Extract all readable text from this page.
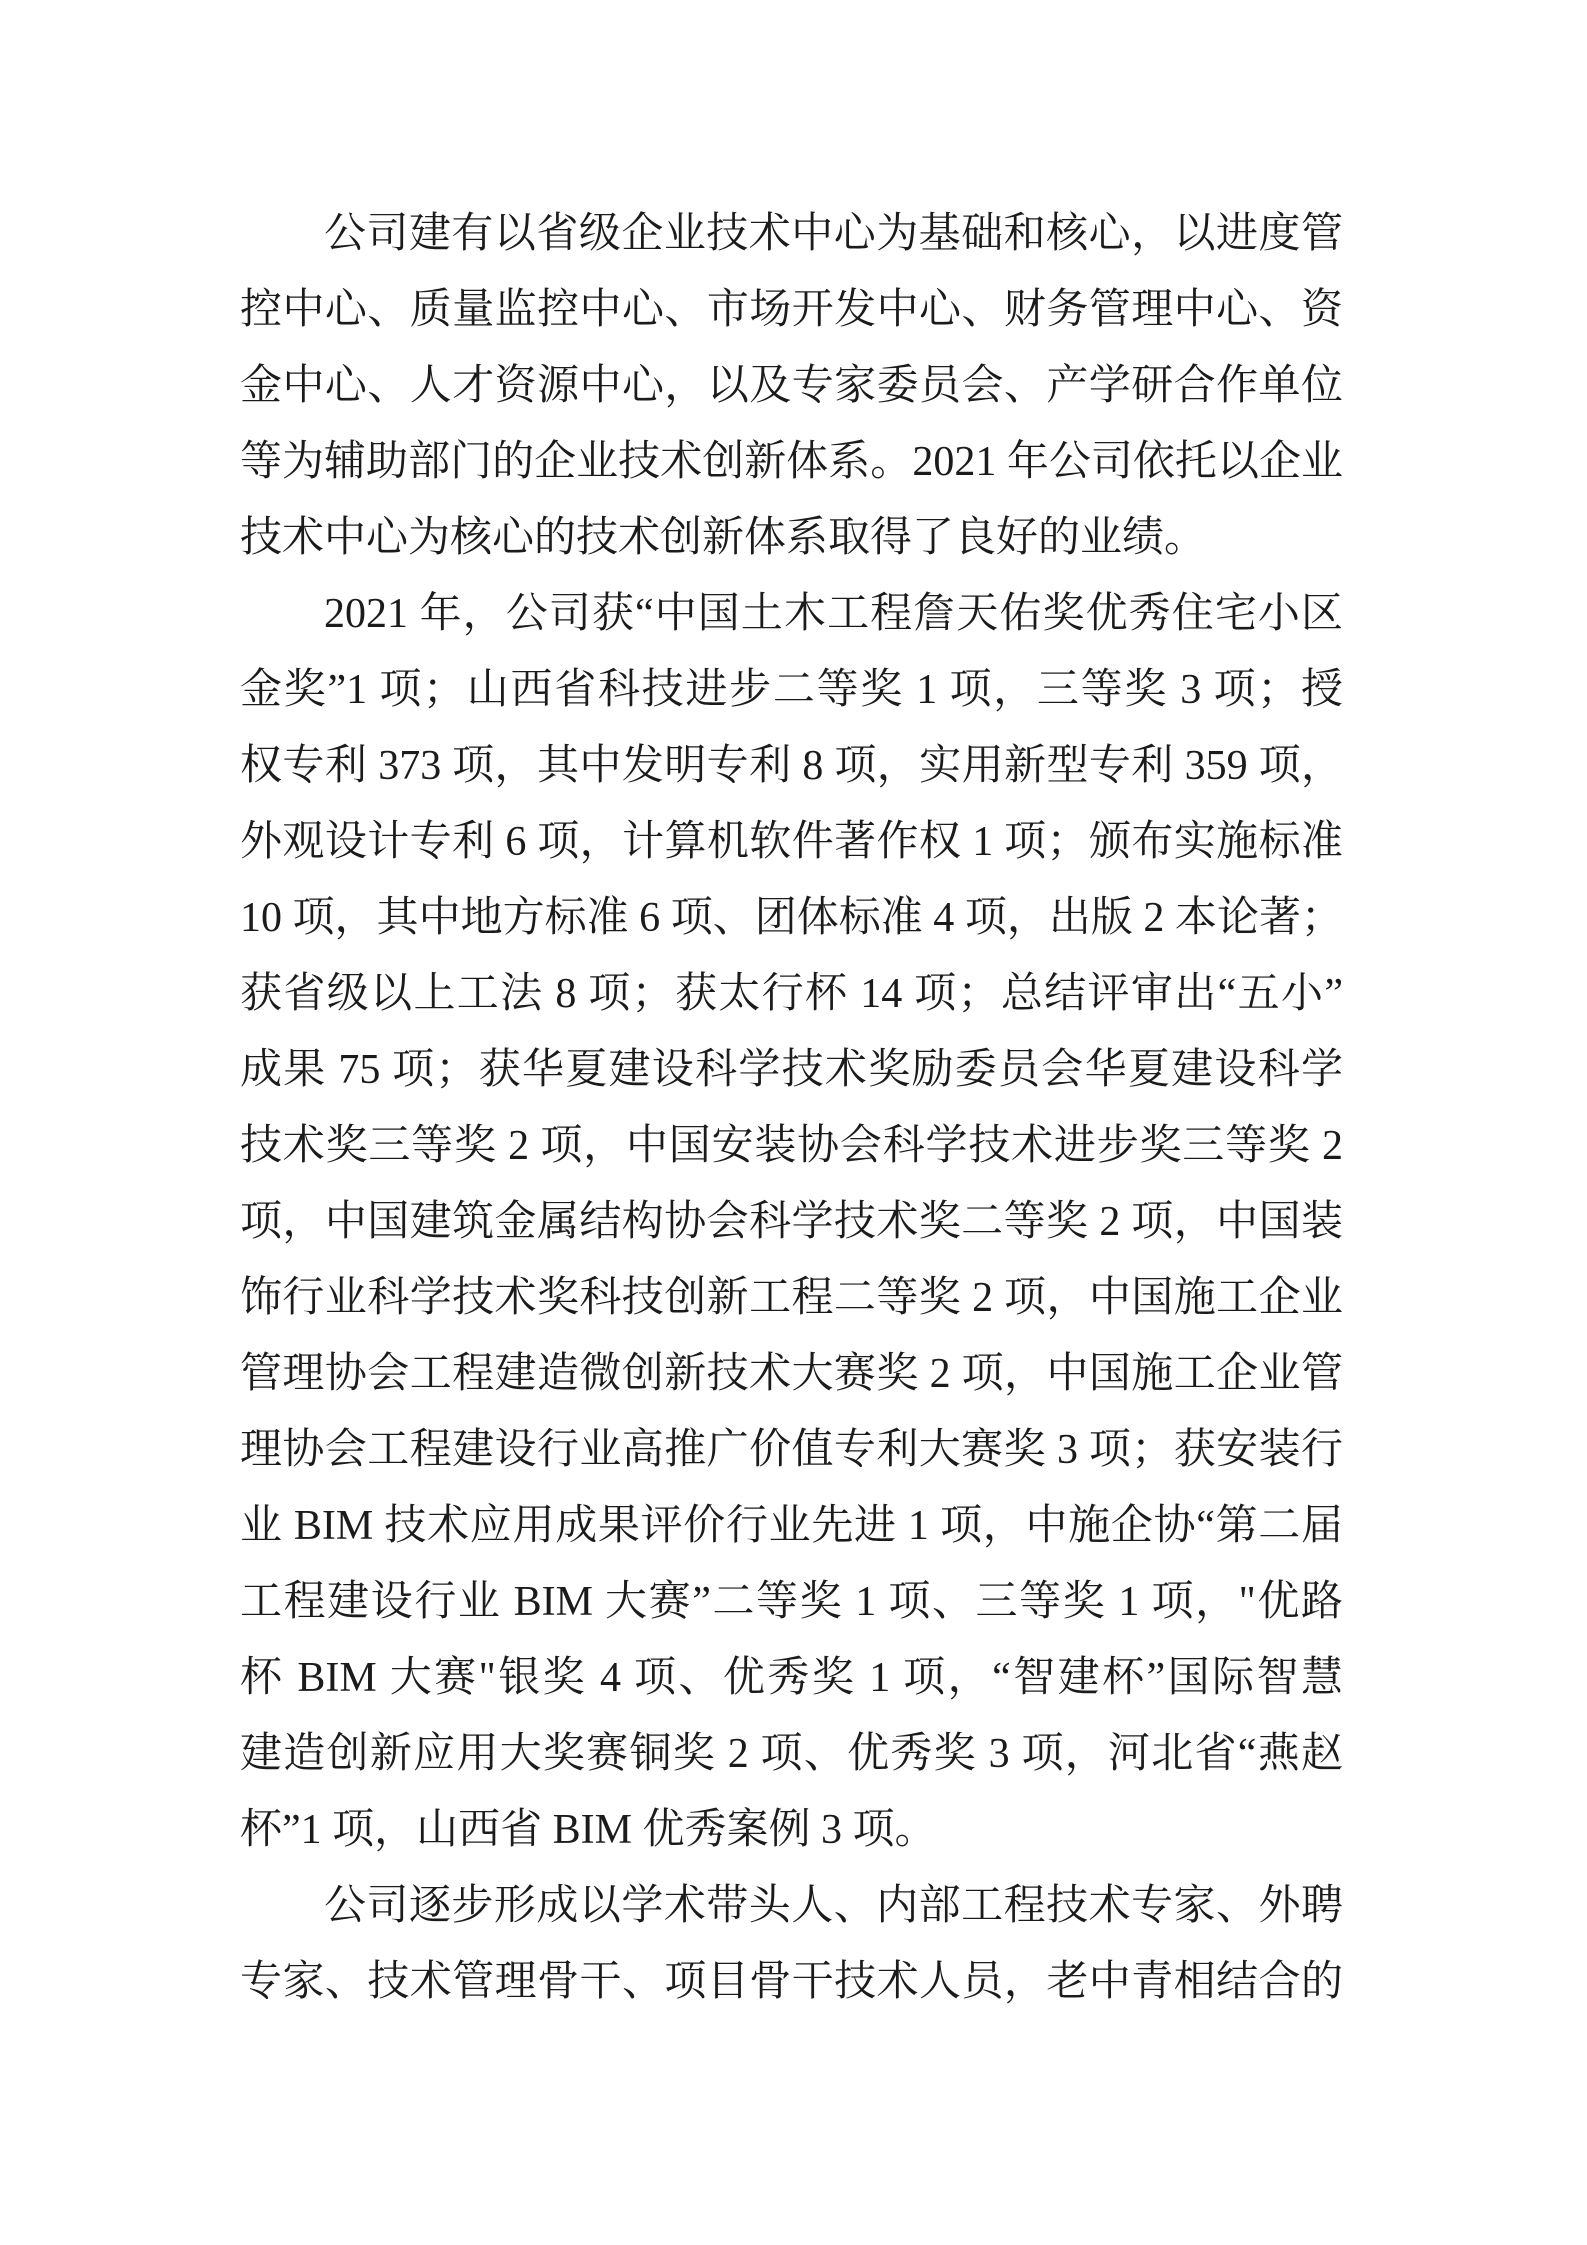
公司建有以省级企业技术中心为基础和核心，以进度管
控中心、质量监控中心、市场开发中心、财务管理中心、资
金中心、人才资源中心，以及专家委员会、产学研合作单位
等为辅助部门的企业技术创新体系。2021 年公司依托以企业
技术中心为核心的技术创新体系取得了良好的业绩。
2021 年，公司获“中国土木工程詹天佑奖优秀住宅小区
金奖”1 项；山西省科技进步二等奖 1 项，三等奖 3 项；授
权专利 373 项，其中发明专利 8 项，实用新型专利 359 项，
外观设计专利 6 项，计算机软件著作权 1 项；颁布实施标准
10 项，其中地方标准 6 项、团体标准 4 项，出版 2 本论著；
获省级以上工法 8 项；获太行杯 14 项；总结评审出“五小”
成果 75 项；获华夏建设科学技术奖励委员会华夏建设科学
技术奖三等奖 2 项，中国安装协会科学技术进步奖三等奖 2
项，中国建筑金属结构协会科学技术奖二等奖 2 项，中国装
饰行业科学技术奖科技创新工程二等奖 2 项，中国施工企业
管理协会工程建造微创新技术大赛奖 2 项，中国施工企业管
理协会工程建设行业高推广价值专利大赛奖 3 项；获安装行
业 BIM 技术应用成果评价行业先进 1 项，中施企协“第二届
工程建设行业 BIM 大赛”二等奖 1 项、三等奖 1 项，"优路
杯 BIM 大赛"银奖 4 项、优秀奖 1 项，“智建杯”国际智慧
建造创新应用大奖赛铜奖 2 项、优秀奖 3 项，河北省“燕赵
杯”1 项，山西省 BIM 优秀案例 3 项。
公司逐步形成以学术带头人、内部工程技术专家、外聘
专家、技术管理骨干、项目骨干技术人员，老中青相结合的
